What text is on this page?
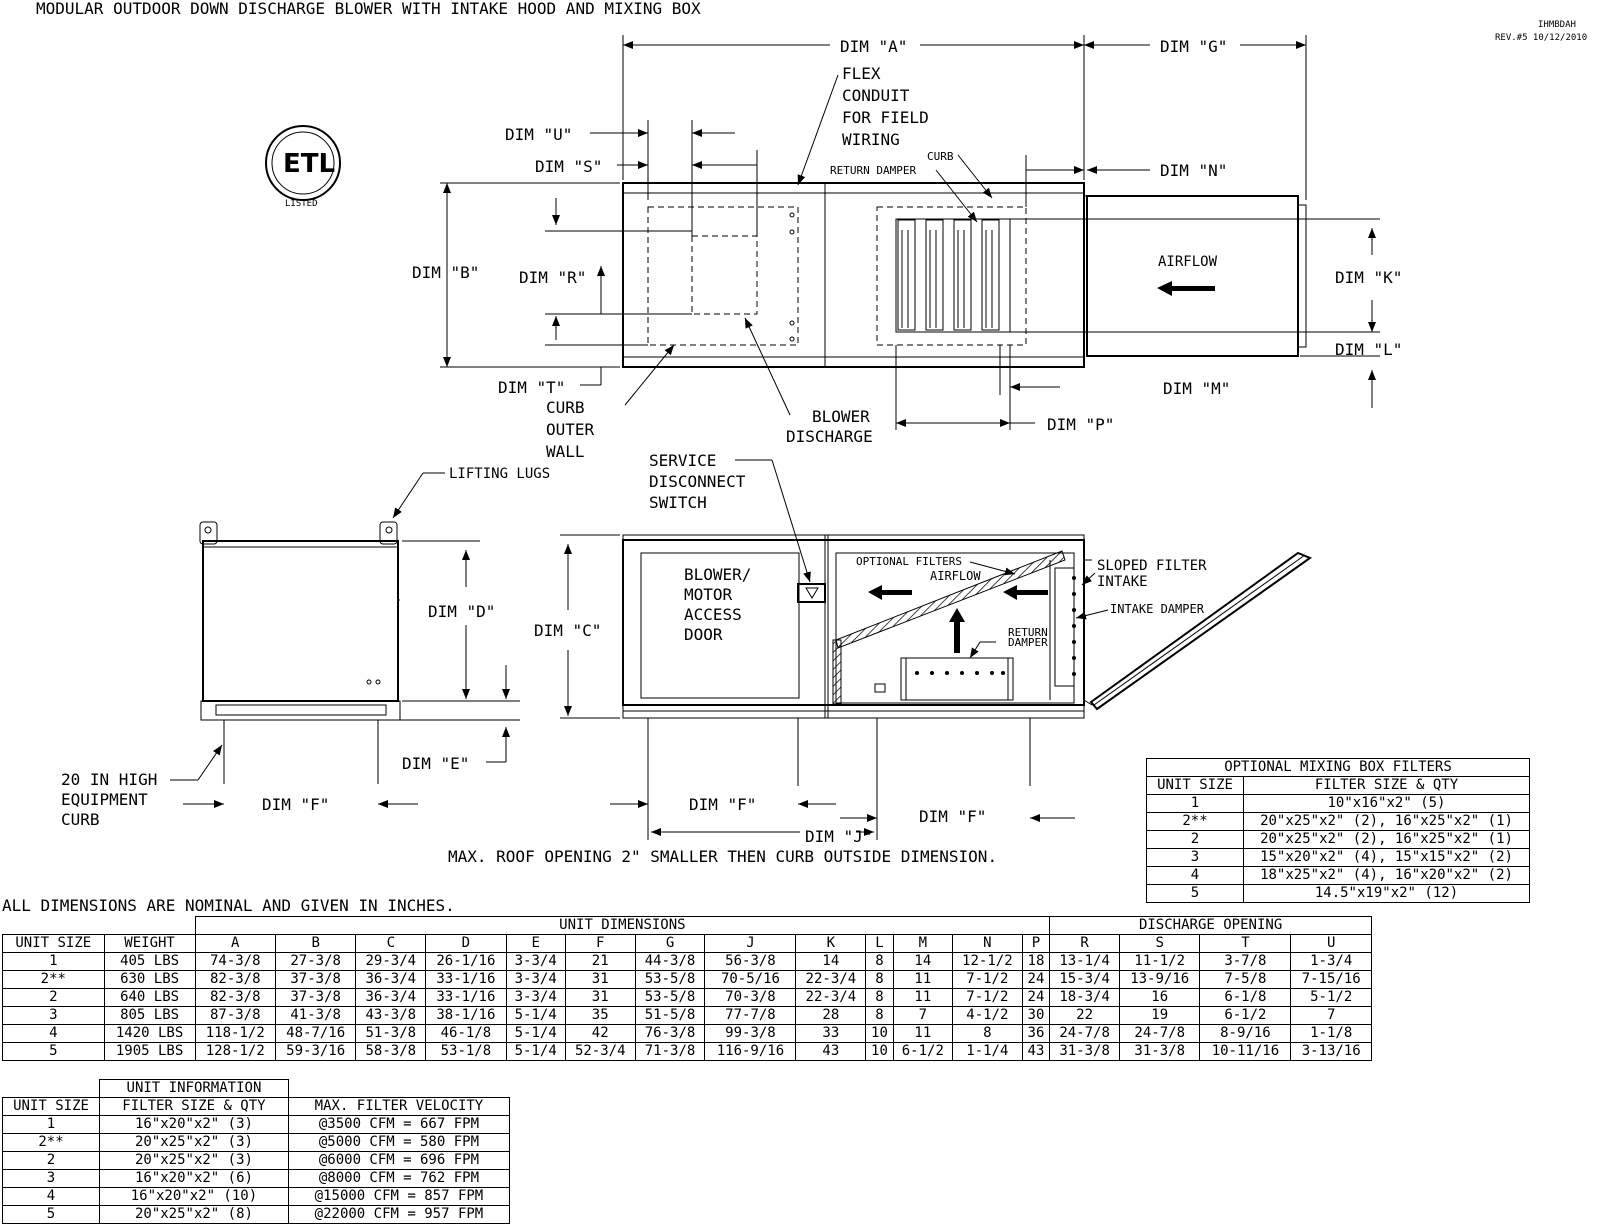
MODULAR OUTDOOR DOWN DISCHARGE BLOWER WITH INTAKE HOOD AND MIXING BOX
IHMBDAH
REV.#5 10/12/2010
ETL
LISTED
DIM "A"	DIM "G"
FLEX
CONDUIT
FOR FIELD
WIRING
DIM "U"
DIM "S"
CURB
RETURN DAMPER	DIM "N"
AIRFLOW
DIM "B" DIM "R"	DIM "K"
DIM "L"
DIM "T"	DIM "M"
CURB
OUTER
WALL
BLOWER
DISCHARGE
DIM "P"
LIFTING LUGS
DIM "D"
DIM "E"
20 IN HIGH
EQUIPMENT
CURB
DIM "F"
SERVICE
DISCONNECT
SWITCH
BLOWER/
MOTOR
ACCESS
DOOR
OPTIONAL FILTERS
AIRFLOW
RETURN
DAMPER
SLOPED FILTER
INTAKE
INTAKE DAMPER
DIM "C"
DIM "F"
DIM "F"
DIM "J"
MAX. ROOF OPENING 2" SMALLER THEN CURB OUTSIDE DIMENSION.
ALL DIMENSIONS ARE NOMINAL AND GIVEN IN INCHES.
OPTIONAL MIXING BOX FILTERS	
UNIT SIZE	FILTER SIZE & QTY
1	10"x16"x2" (5)
2**	20"x25"x2" (2), 16"x25"x2" (1)
2	20"x25"x2" (2), 16"x25"x2" (1)
3	15"x20"x2" (4), 15"x15"x2" (2)
4	18"x25"x2" (4), 16"x20"x2" (2)
5	14.5"x19"x2" (12)
		UNIT DIMENSIONS													DISCHARGE OPENING			
UNIT SIZE	WEIGHT	A	B	C	D	E	F	G	J	K	L	M	N	P	R	S	T	U
1	405 LBS	74-3/8	27-3/8	29-3/4	26-1/16	3-3/4	21	44-3/8	56-3/8	14	8	14	12-1/2	18	13-1/4	11-1/2	3-7/8	1-3/4
2**	630 LBS	82-3/8	37-3/8	36-3/4	33-1/16	3-3/4	31	53-5/8	70-5/16	22-3/4	8	11	7-1/2	24	15-3/4	13-9/16	7-5/8	7-15/16
2	640 LBS	82-3/8	37-3/8	36-3/4	33-1/16	3-3/4	31	53-5/8	70-3/8	22-3/4	8	11	7-1/2	24	18-3/4	16	6-1/8	5-1/2
3	805 LBS	87-3/8	41-3/8	43-3/8	38-1/16	5-1/4	35	51-5/8	77-7/8	28	8	7	4-1/2	30	22	19	6-1/2	7
4	1420 LBS	118-1/2	48-7/16	51-3/8	46-1/8	5-1/4	42	76-3/8	99-3/8	33	10	11	8	36	24-7/8	24-7/8	8-9/16	1-1/8
5	1905 LBS	128-1/2	59-3/16	58-3/8	53-1/8	5-1/4	52-3/4	71-3/8	116-9/16	43	10	6-1/2	1-1/4	43	31-3/8	31-3/8	10-11/16	3-13/16
	UNIT INFORMATION	
UNIT SIZE	FILTER SIZE & QTY	MAX. FILTER VELOCITY
1	16"x20"x2" (3)	@3500 CFM = 667 FPM
2**	20"x25"x2" (3)	@5000 CFM = 580 FPM
2	20"x25"x2" (3)	@6000 CFM = 696 FPM
3	16"x20"x2" (6)	@8000 CFM = 762 FPM
4	16"x20"x2" (10)	@15000 CFM = 857 FPM
5	20"x25"x2" (8)	@22000 CFM = 957 FPM
